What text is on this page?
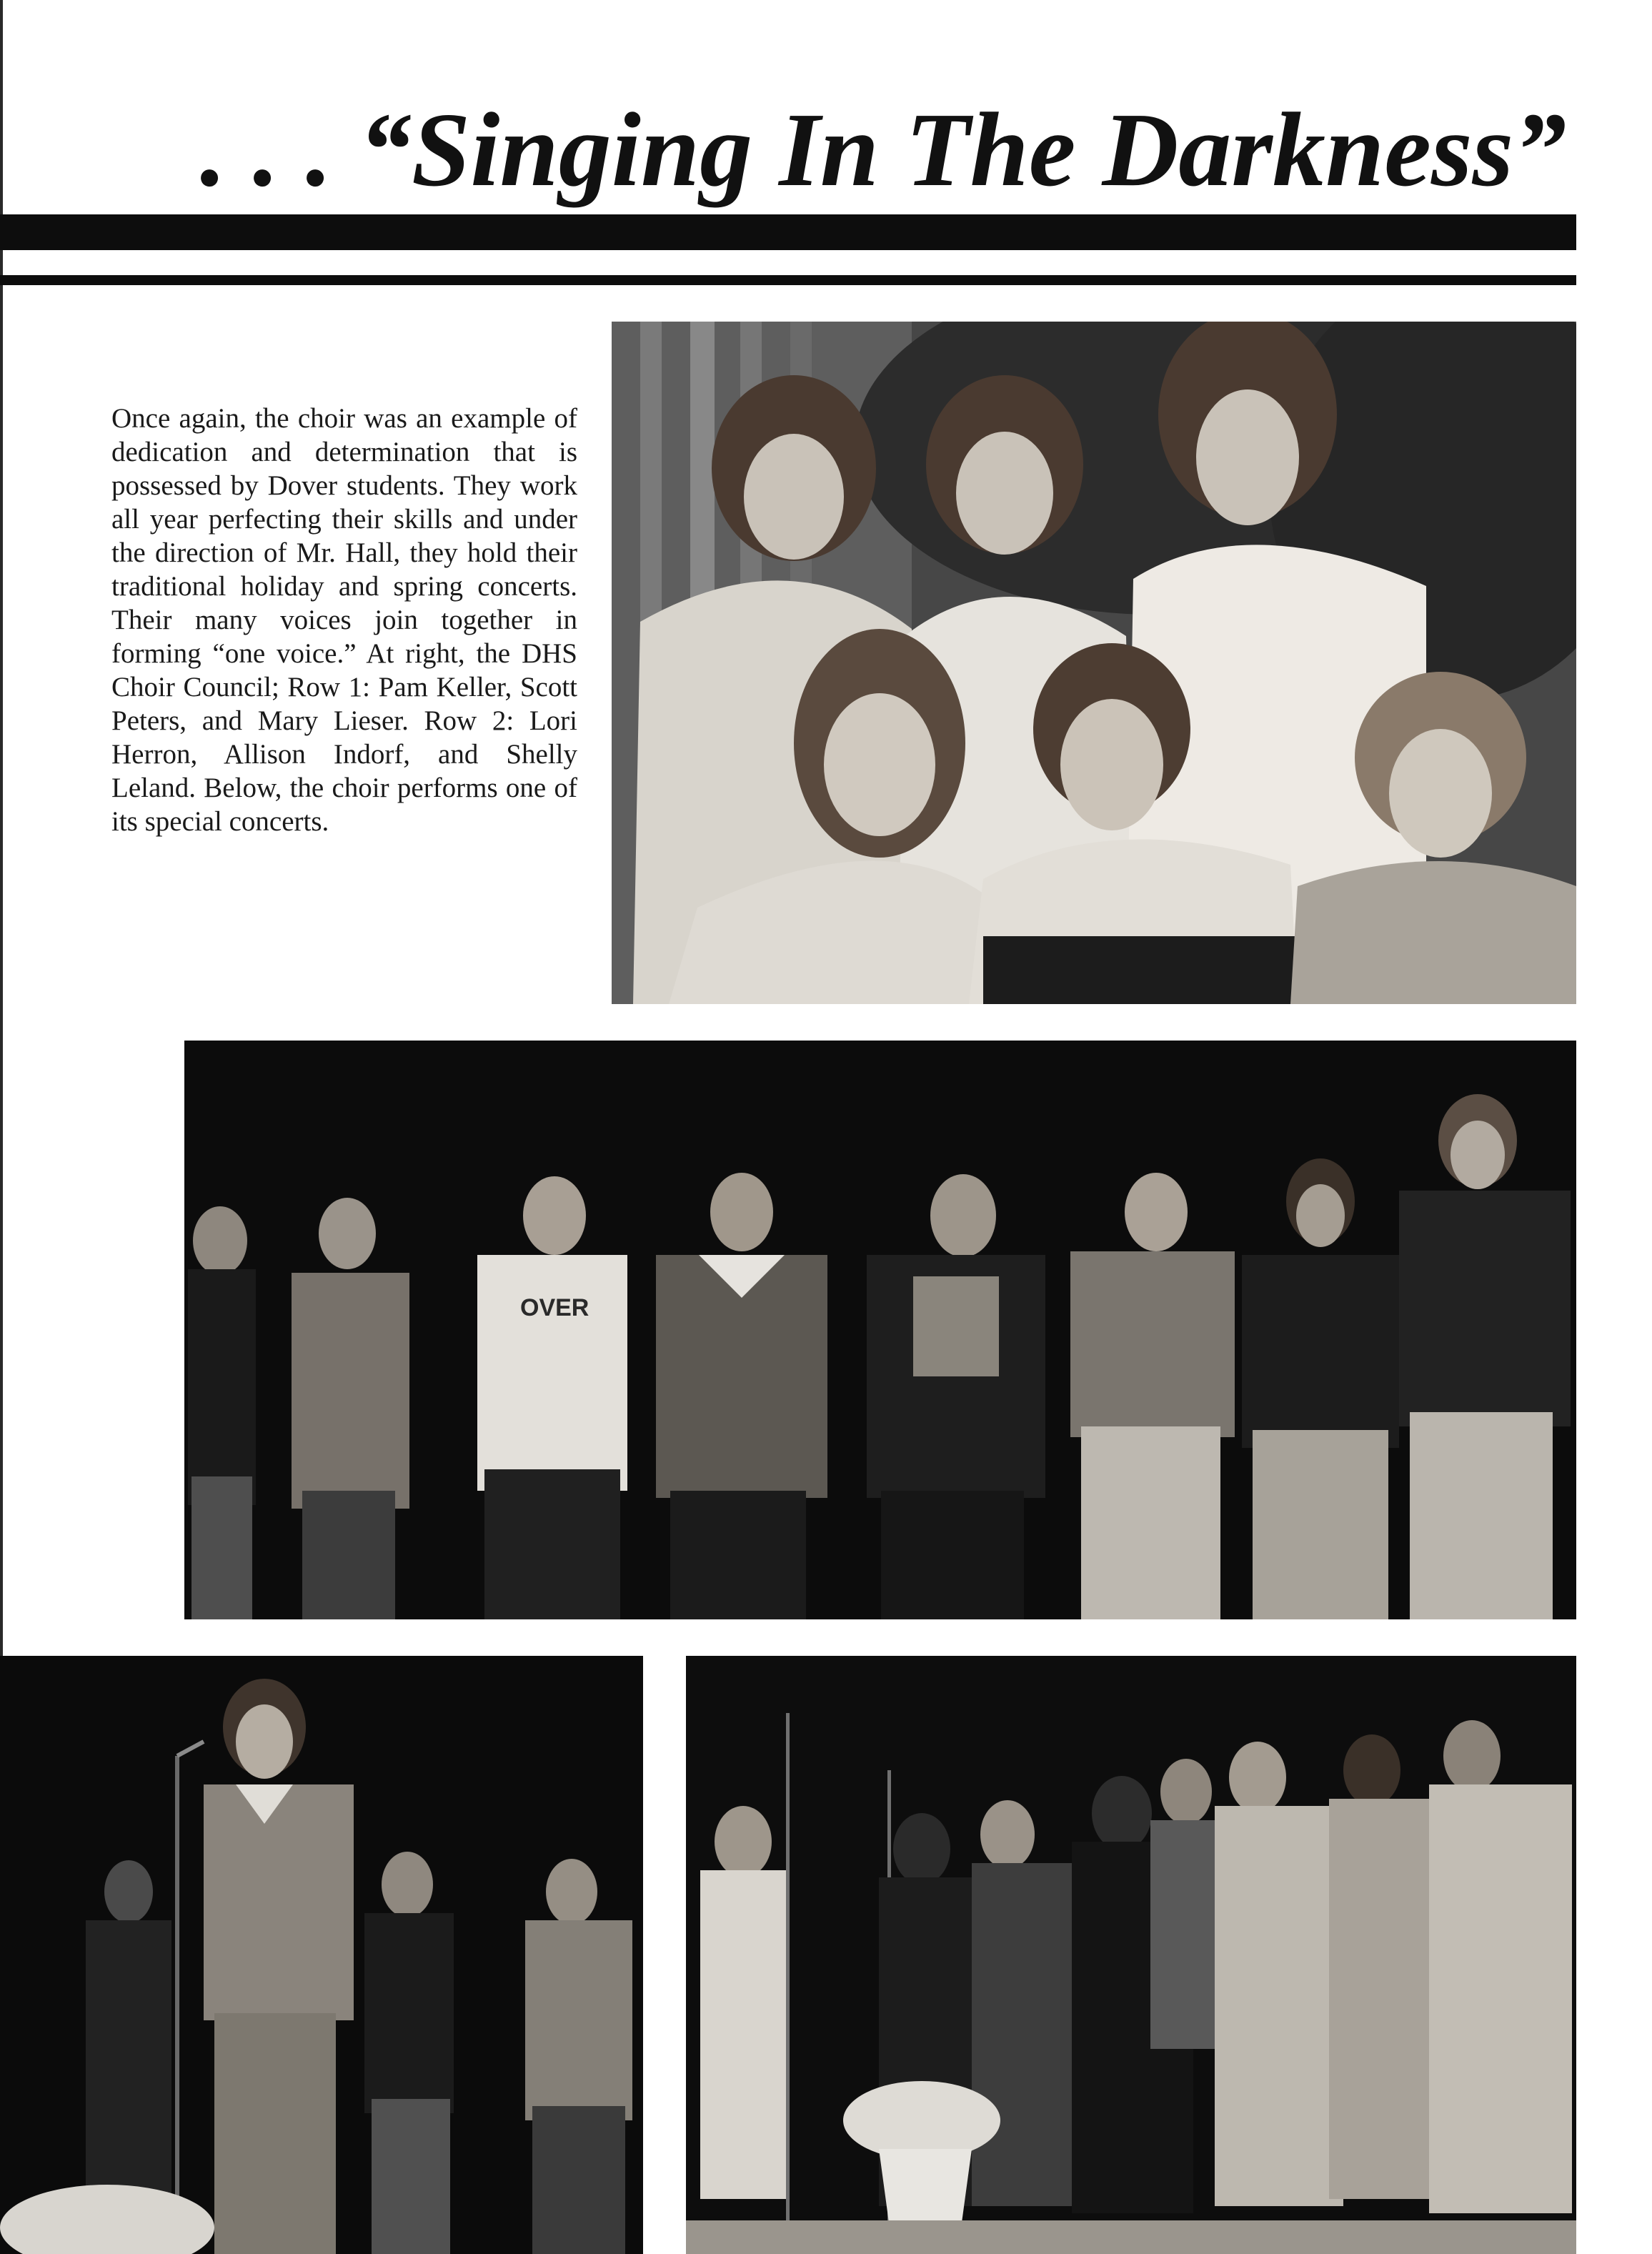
. . . “Singing In The Darkness”

Once again, the choir was an example of dedication and determination that is possessed by Dover students. They work all year perfecting their skills and under the direction of Mr. Hall, they hold their traditional holiday and spring concerts. Their many voices join together in forming “one voice.” At right, the DHS Choir Council; Row 1: Pam Keller, Scott Peters, and Mary Lieser. Row 2: Lori Herron, Allison Indorf, and Shelly Leland. Below, the choir performs one of its special concerts.

OVER
